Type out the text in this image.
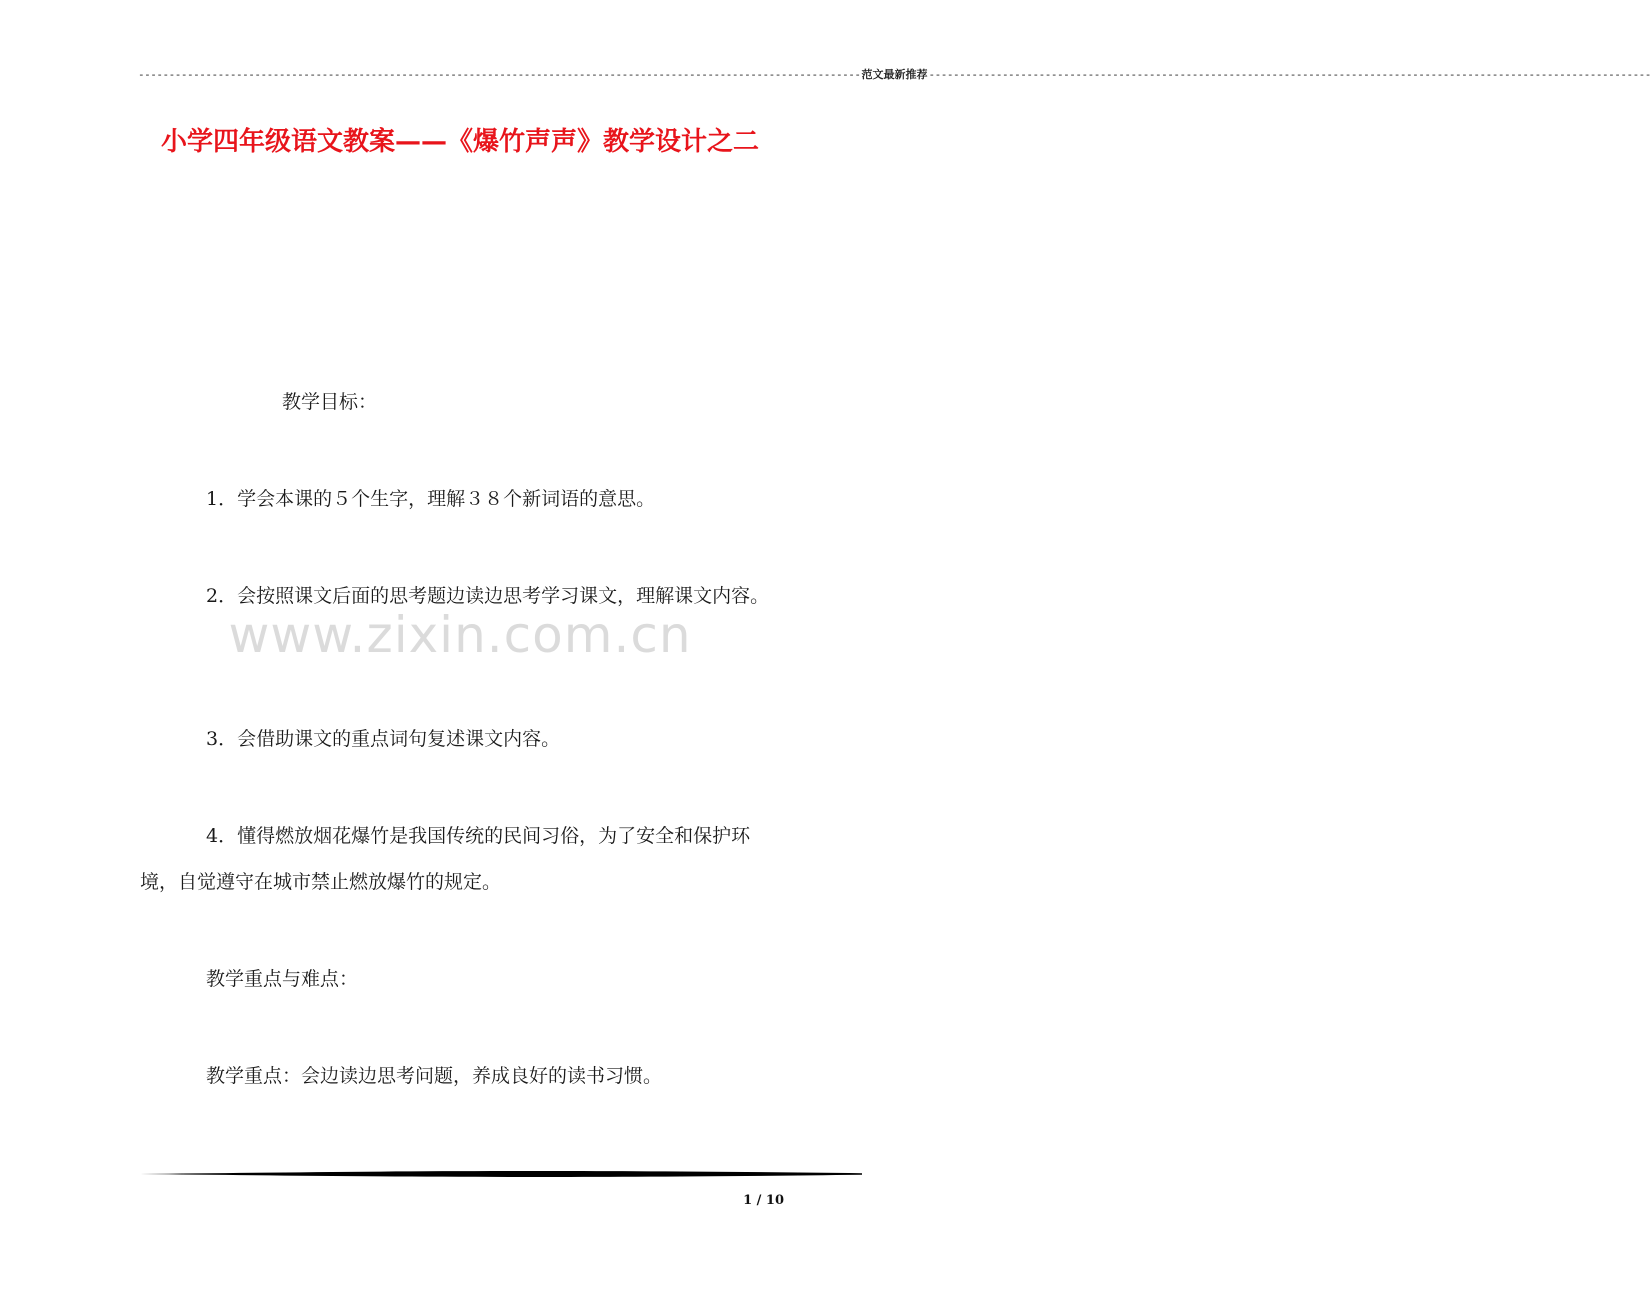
---------------------------------------------------------------------------------------------------------------------- 范文最新推荐 ----------------------------------------------------------------------------------------------------------------------
小学四年级语文教案——《爆竹声声》教学设计之二
教学目标：
1．学会本课的５个生字，理解３８个新词语的意思。
2．会按照课文后面的思考题边读边思考学习课文，理解课文内容。
www.zixin.com.cn
3．会借助课文的重点词句复述课文内容。
4．懂得燃放烟花爆竹是我国传统的民间习俗，为了安全和保护环境，自觉遵守在城市禁止燃放爆竹的规定。
教学重点与难点：
教学重点：会边读边思考问题，养成良好的读书习惯。
1 / 10
